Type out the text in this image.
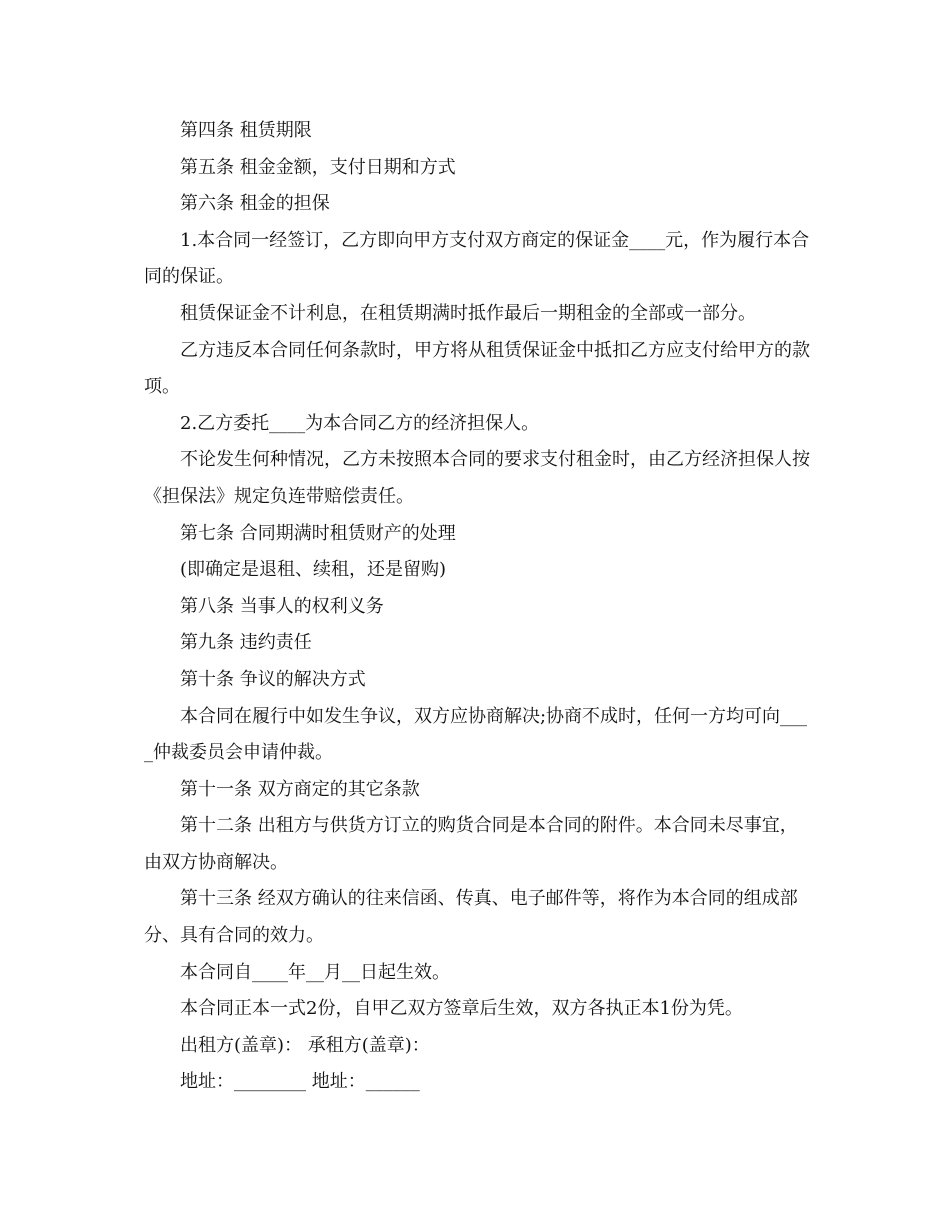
第四条 租赁期限

第五条 租金金额，支付日期和方式

第六条 租金的担保

1.本合同一经签订，乙方即向甲方支付双方商定的保证金____元，作为履行本合同的保证。

租赁保证金不计利息，在租赁期满时抵作最后一期租金的全部或一部分。

乙方违反本合同任何条款时，甲方将从租赁保证金中抵扣乙方应支付给甲方的款项。

2.乙方委托____为本合同乙方的经济担保人。

不论发生何种情况，乙方未按照本合同的要求支付租金时，由乙方经济担保人按《担保法》规定负连带赔偿责任。

第七条 合同期满时租赁财产的处理

(即确定是退租、续租，还是留购)

第八条 当事人的权利义务

第九条 违约责任

第十条 争议的解决方式

本合同在履行中如发生争议，双方应协商解决;协商不成时，任何一方均可向____仲裁委员会申请仲裁。

第十一条 双方商定的其它条款

第十二条 出租方与供货方订立的购货合同是本合同的附件。本合同未尽事宜，由双方协商解决。

第十三条 经双方确认的往来信函、传真、电子邮件等，将作为本合同的组成部分、具有合同的效力。

本合同自____年__月__日起生效。

本合同正本一式2份，自甲乙双方签章后生效，双方各执正本1份为凭。

出租方(盖章)： 承租方(盖章)：

地址：________ 地址：______
